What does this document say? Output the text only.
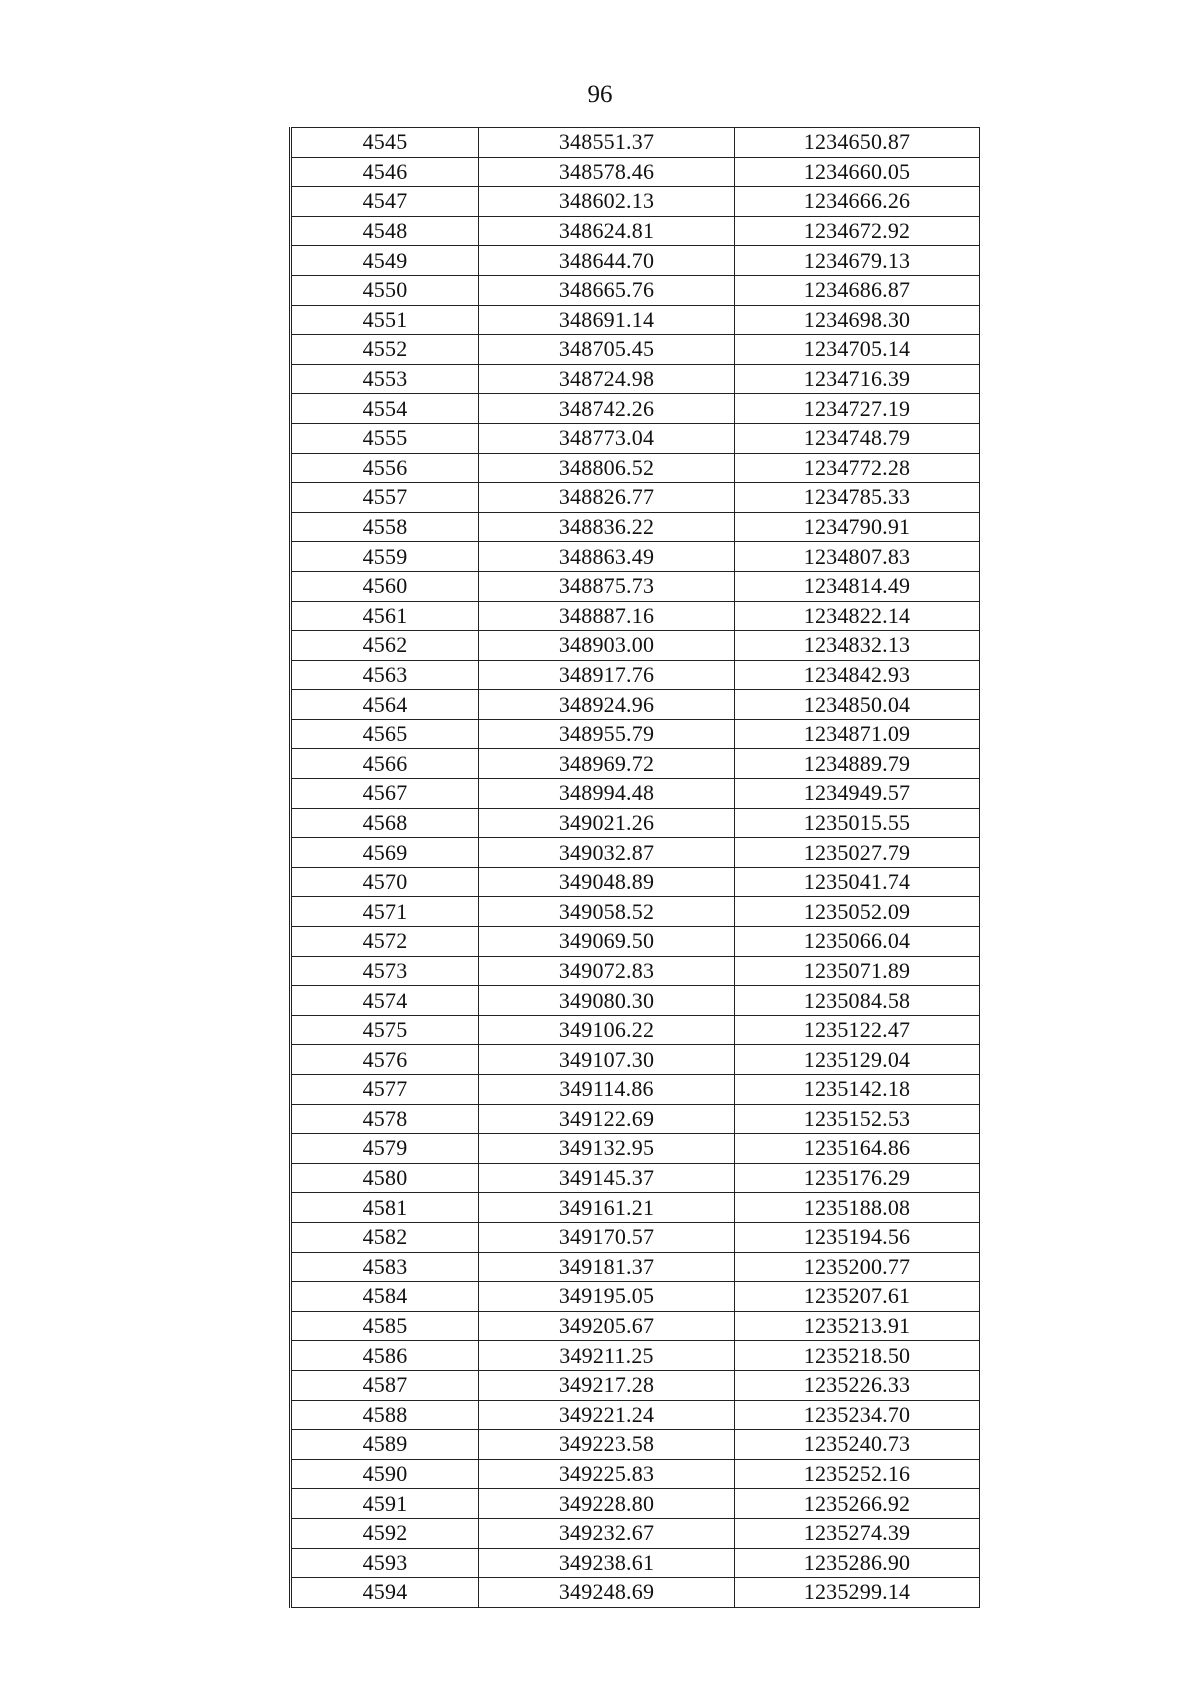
96
4545	348551.37	1234650.87
4546	348578.46	1234660.05
4547	348602.13	1234666.26
4548	348624.81	1234672.92
4549	348644.70	1234679.13
4550	348665.76	1234686.87
4551	348691.14	1234698.30
4552	348705.45	1234705.14
4553	348724.98	1234716.39
4554	348742.26	1234727.19
4555	348773.04	1234748.79
4556	348806.52	1234772.28
4557	348826.77	1234785.33
4558	348836.22	1234790.91
4559	348863.49	1234807.83
4560	348875.73	1234814.49
4561	348887.16	1234822.14
4562	348903.00	1234832.13
4563	348917.76	1234842.93
4564	348924.96	1234850.04
4565	348955.79	1234871.09
4566	348969.72	1234889.79
4567	348994.48	1234949.57
4568	349021.26	1235015.55
4569	349032.87	1235027.79
4570	349048.89	1235041.74
4571	349058.52	1235052.09
4572	349069.50	1235066.04
4573	349072.83	1235071.89
4574	349080.30	1235084.58
4575	349106.22	1235122.47
4576	349107.30	1235129.04
4577	349114.86	1235142.18
4578	349122.69	1235152.53
4579	349132.95	1235164.86
4580	349145.37	1235176.29
4581	349161.21	1235188.08
4582	349170.57	1235194.56
4583	349181.37	1235200.77
4584	349195.05	1235207.61
4585	349205.67	1235213.91
4586	349211.25	1235218.50
4587	349217.28	1235226.33
4588	349221.24	1235234.70
4589	349223.58	1235240.73
4590	349225.83	1235252.16
4591	349228.80	1235266.92
4592	349232.67	1235274.39
4593	349238.61	1235286.90
4594	349248.69	1235299.14
